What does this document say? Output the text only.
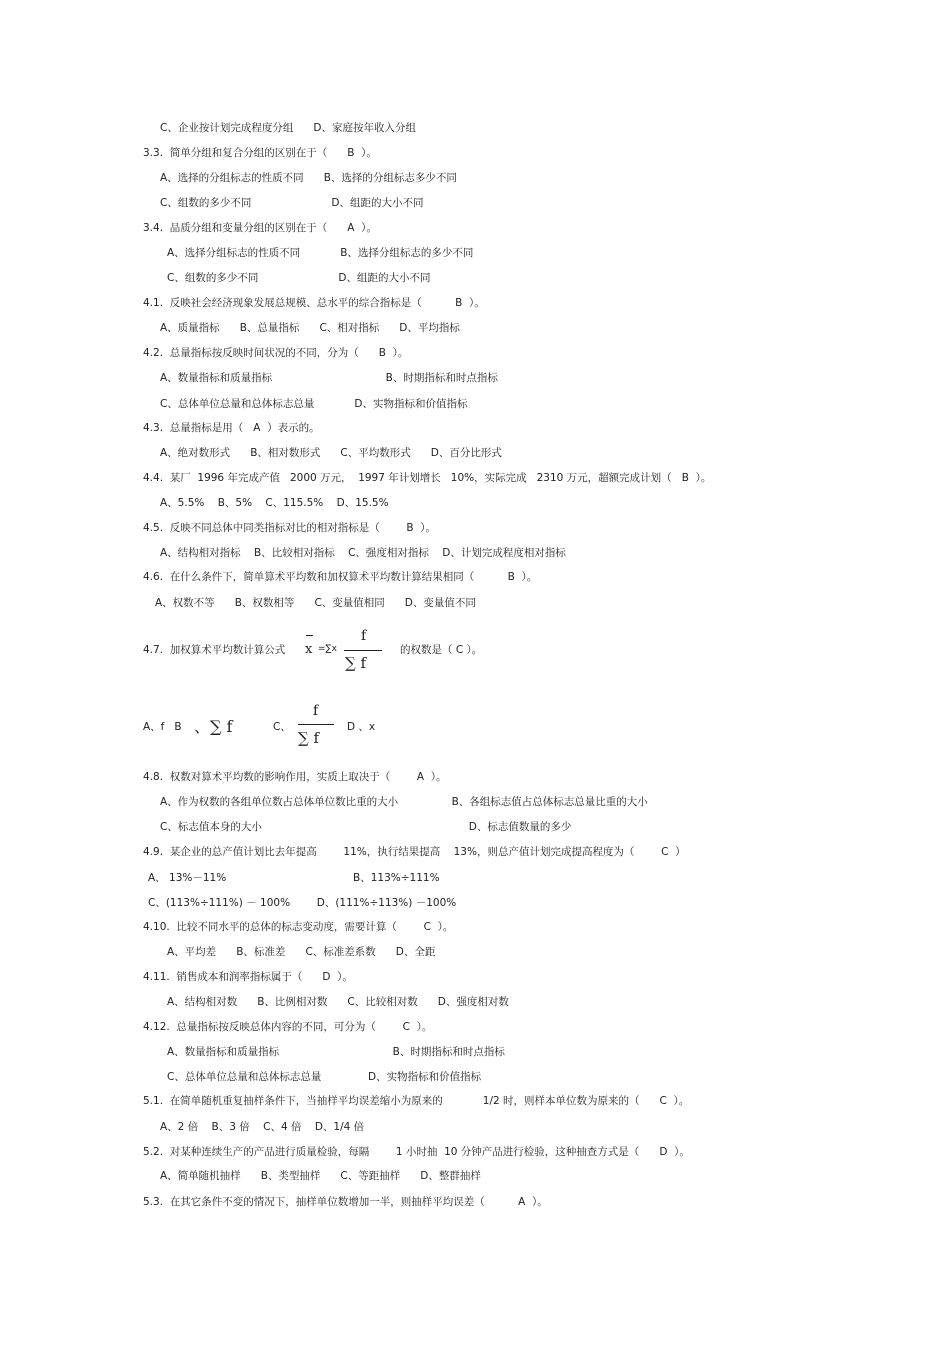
C、企业按计划完成程度分组      D、家庭按年收入分组
3.3.  简单分组和复合分组的区别在于（      B  ）。
A、选择的分组标志的性质不同      B、选择的分组标志多少不同
C、组数的多少不同                        D、组距的大小不同
3.4.  品质分组和变量分组的区别在于（      A  ）。
A、选择分组标志的性质不同            B、选择分组标志的多少不同
C、组数的多少不同                        D、组距的大小不同
4.1.  反映社会经济现象发展总规模、总水平的综合指标是（          B  ）。
A、质量指标      B、总量指标      C、相对指标      D、平均指标
4.2.  总量指标按反映时间状况的不同，分为（      B  ）。
A、数量指标和质量指标                                  B、时期指标和时点指标
C、总体单位总量和总体标志总量            D、实物指标和价值指标
4.3.  总量指标是用（   A  ）表示的。
A、绝对数形式      B、相对数形式      C、平均数形式      D、百分比形式
4.4.  某厂  1996 年完成产值   2000 万元，  1997 年计划增长   10%，实际完成   2310 万元，超额完成计划（   B  ）。
A、5.5%    B、5%    C、115.5%    D、15.5%
4.5.  反映不同总体中同类指标对比的相对指标是（        B  ）。
A、结构相对指标    B、比较相对指标    C、强度相对指标    D、计划完成程度相对指标
4.6.  在什么条件下，简单算术平均数和加权算术平均数计算结果相同（          B  ）。
A、权数不等      B、权数相等      C、变量值相同      D、变量值不同
4.8.  权数对算术平均数的影响作用，实质上取决于（        A  ）。
A、作为权数的各组单位数占总体单位数比重的大小                B、各组标志值占总体标志总量比重的大小
C、标志值本身的大小                                                              D、标志值数量的多少
4.9.  某企业的总产值计划比去年提高        11%，执行结果提高    13%，则总产值计划完成提高程度为（        C  ）
A、 13%－11%                                      B、113%÷111%
C、(113%÷111%) － 100%        D、(111%÷113%) －100%
4.10.  比较不同水平的总体的标志变动度，需要计算（        C  ）。
A、平均差      B、标准差      C、标准差系数      D、全距
4.11.  销售成本和润率指标属于（      D  ）。
A、结构相对数      B、比例相对数      C、比较相对数      D、强度相对数
4.12.  总量指标按反映总体内容的不同，可分为（        C  ）。
A、数量指标和质量指标                                  B、时期指标和时点指标
C、总体单位总量和总体标志总量              D、实物指标和价值指标
5.1.  在简单随机重复抽样条件下，当抽样平均误差缩小为原来的            1/2 时，则样本单位数为原来的（      C  ）。
A、2 倍    B、3 倍    C、4 倍    D、1/4 倍
5.2.  对某种连续生产的产品进行质量检验，每隔        1 小时抽  10 分钟产品进行检验，这种抽查方式是（      D  ）。
A、简单随机抽样      B、类型抽样      C、等距抽样      D、整群抽样
5.3.  在其它条件不变的情况下，抽样单位数增加一半，则抽样平均误差（          A  ）。
4.7.  加权算术平均数计算公式 x =∑x
f
∑ f
的权数是（ C ）。
A、f   B 、∑ f	C、
f
∑ f
D 、x
